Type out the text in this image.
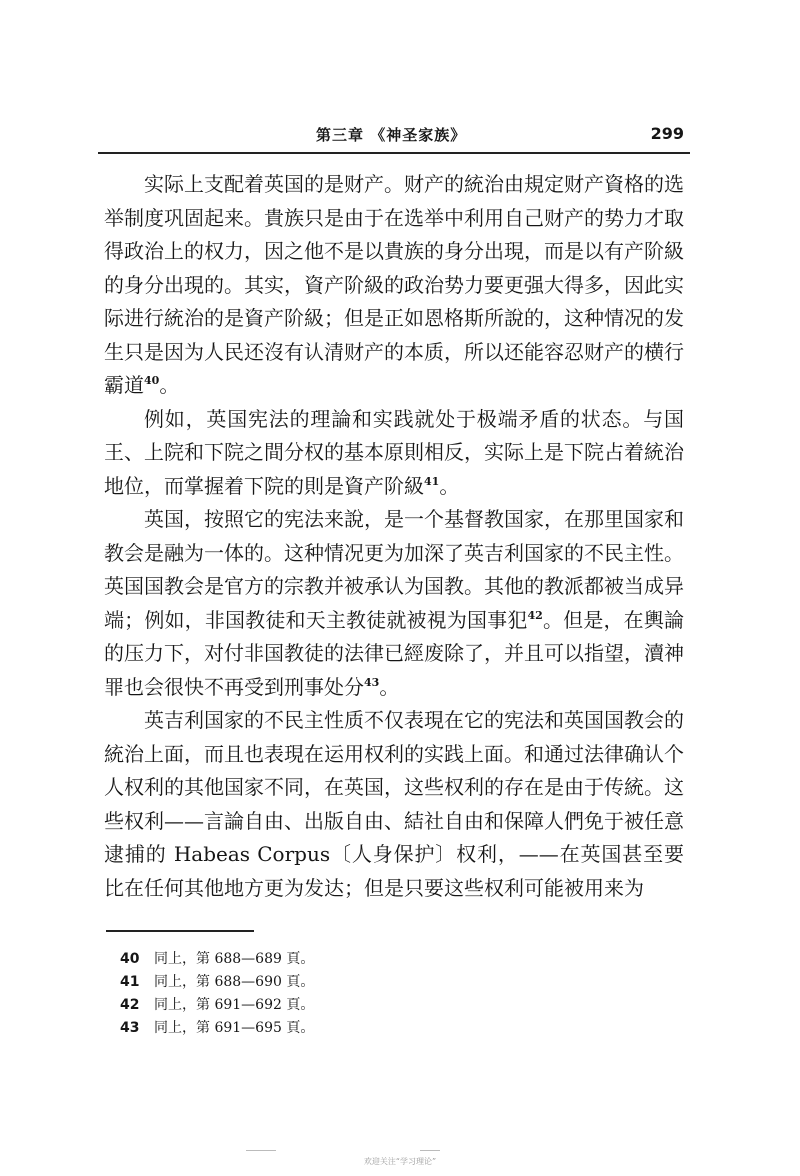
第三章 《神圣家族》	299

实际上支配着英国的是财产。财产的統治由規定财产資格的选举制度巩固起来。貴族只是由于在选举中利用自己财产的势力才取得政治上的权力，因之他不是以貴族的身分出現，而是以有产阶級的身分出現的。其实，資产阶級的政治势力要更强大得多，因此实际进行統治的是資产阶級；但是正如恩格斯所說的，这种情况的发生只是因为人民还沒有认清财产的本质，所以还能容忍财产的横行霸道$^{40}$。

例如，英国宪法的理論和实践就处于极端矛盾的状态。与国王、上院和下院之間分权的基本原則相反，实际上是下院占着統治地位，而掌握着下院的則是資产阶級$^{41}$。

英国，按照它的宪法来說，是一个基督教国家，在那里国家和教会是融为一体的。这种情况更为加深了英吉利国家的不民主性。英国国教会是官方的宗教并被承认为国教。其他的教派都被当成异端；例如，非国教徒和天主教徒就被視为国事犯$^{42}$。但是，在輿論的压力下，对付非国教徒的法律已經废除了，并且可以指望，瀆神罪也会很快不再受到刑事处分$^{43}$。

英吉利国家的不民主性质不仅表現在它的宪法和英国国教会的統治上面，而且也表現在运用权利的实践上面。和通过法律确认个人权利的其他国家不同，在英国，这些权利的存在是由于传統。这些权利——言論自由、出版自由、結社自由和保障人們免于被任意逮捕的 Habeas Corpus〔人身保护〕权利，——在英国甚至要比在任何其他地方更为发达；但是只要这些权利可能被用来为

40 同上，第 688—689 頁。
41 同上，第 688—690 頁。
42 同上，第 691—692 頁。
43 同上，第 691—695 頁。
欢迎关注“学习理论”
